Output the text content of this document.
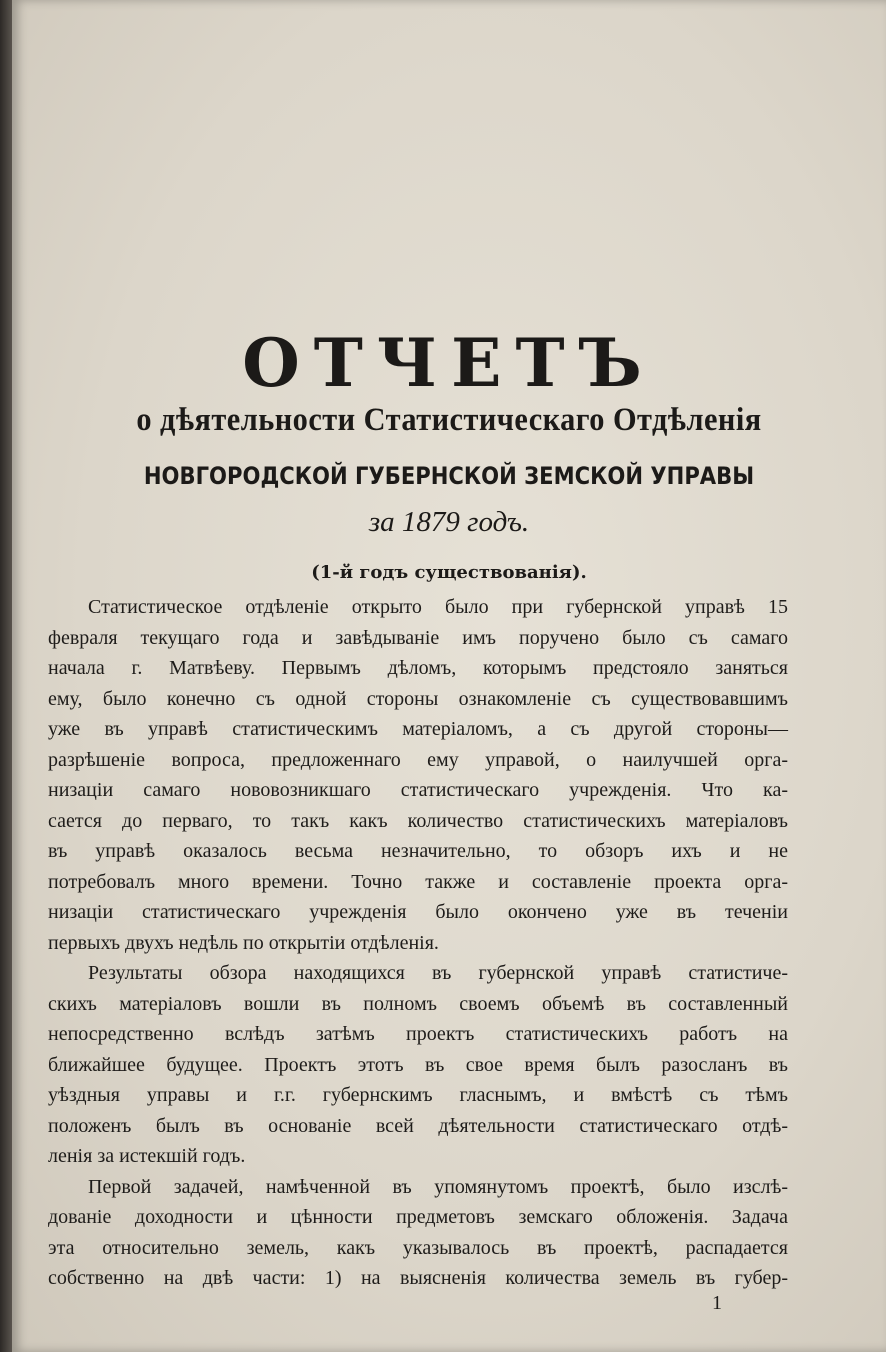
ОТЧЕТЪ
о дѣятельности Статистическаго Отдѣленія
НОВГОРОДСКОЙ ГУБЕРНСКОЙ ЗЕМСКОЙ УПРАВЫ
за 1879 годъ.
(1-й годъ существованія).
Статистическое отдѣленіе открыто было при губернской управѣ 15
февраля текущаго года и завѣдываніе имъ поручено было съ самаго
начала г. Матвѣеву. Первымъ дѣломъ, которымъ предстояло заняться
ему, было конечно съ одной стороны ознакомленіе съ существовавшимъ
уже въ управѣ статистическимъ матеріаломъ, а съ другой стороны—
разрѣшеніе вопроса, предложеннаго ему управой, о наилучшей орга-
низаціи самаго нововозникшаго статистическаго учрежденія. Что ка-
сается до перваго, то такъ какъ количество статистическихъ матеріаловъ
въ управѣ оказалось весьма незначительно, то обзоръ ихъ и не
потребовалъ много времени. Точно также и составленіе проекта орга-
низаціи статистическаго учрежденія было окончено уже въ теченіи
первыхъ двухъ недѣль по открытіи отдѣленія.
Результаты обзора находящихся въ губернской управѣ статистиче-
скихъ матеріаловъ вошли въ полномъ своемъ объемѣ въ составленный
непосредственно вслѣдъ затѣмъ проектъ статистическихъ работъ на
ближайшее будущее. Проектъ этотъ въ свое время былъ разосланъ въ
уѣздныя управы и г.г. губернскимъ гласнымъ, и вмѣстѣ съ тѣмъ
положенъ былъ въ основаніе всей дѣятельности статистическаго отдѣ-
ленія за истекшій годъ.
Первой задачей, намѣченной въ упомянутомъ проектѣ, было изслѣ-
дованіе доходности и цѣнности предметовъ земскаго обложенія. Задача
эта относительно земель, какъ указывалось въ проектѣ, распадается
собственно на двѣ части: 1) на выясненія количества земель въ губер-
1
